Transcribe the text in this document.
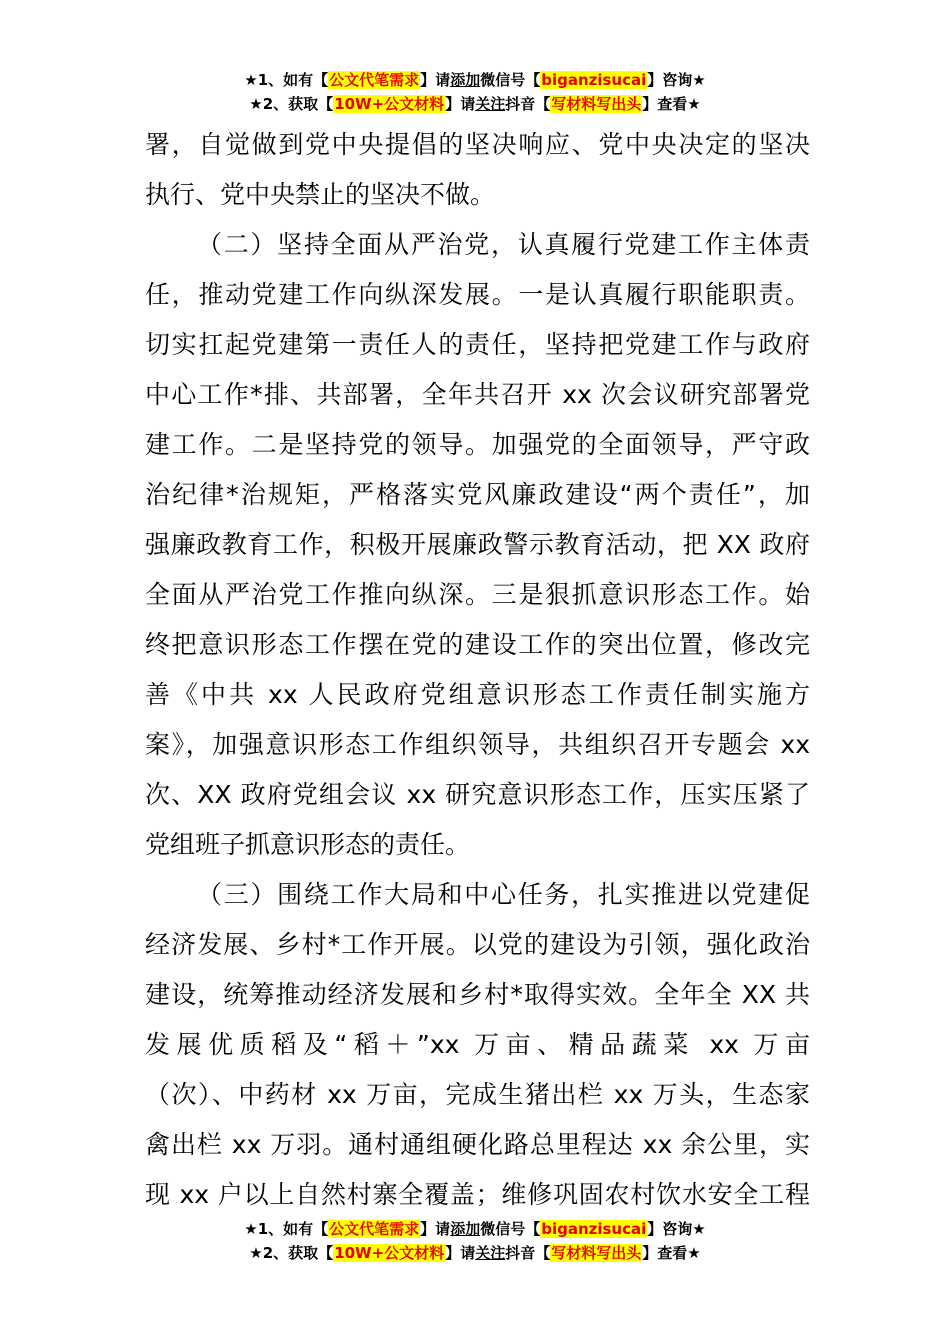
★1、如有【公文代笔需求】请添加微信号【biganzisucai】咨询★
★2、获取【10W+公文材料】请关注抖音【写材料写出头】查看★
署，自觉做到党中央提倡的坚决响应、党中央决定的坚决
执行、党中央禁止的坚决不做。
（二）坚持全面从严治党，认真履行党建工作主体责
任，推动党建工作向纵深发展。一是认真履行职能职责。
切实扛起党建第一责任人的责任，坚持把党建工作与政府
中心工作*排、共部署，全年共召开 xx 次会议研究部署党
建工作。二是坚持党的领导。加强党的全面领导，严守政
治纪律*治规矩，严格落实党风廉政建设“两个责任”，加
强廉政教育工作，积极开展廉政警示教育活动，把 XX 政府
全面从严治党工作推向纵深。三是狠抓意识形态工作。始
终把意识形态工作摆在党的建设工作的突出位置，修改完
善《中共 xx 人民政府党组意识形态工作责任制实施方
案》，加强意识形态工作组织领导，共组织召开专题会 xx
次、XX 政府党组会议 xx 研究意识形态工作，压实压紧了
党组班子抓意识形态的责任。
（三）围绕工作大局和中心任务，扎实推进以党建促
经济发展、乡村*工作开展。以党的建设为引领，强化政治
建设，统筹推动经济发展和乡村*取得实效。全年全 XX 共
发展优质稻及“稻＋”xx 万亩、精品蔬菜 xx 万亩
（次）、中药材 xx 万亩，完成生猪出栏 xx 万头，生态家
禽出栏 xx 万羽。通村通组硬化路总里程达 xx 余公里，实
现 xx 户以上自然村寨全覆盖；维修巩固农村饮水安全工程
★1、如有【公文代笔需求】请添加微信号【biganzisucai】咨询★
★2、获取【10W+公文材料】请关注抖音【写材料写出头】查看★
